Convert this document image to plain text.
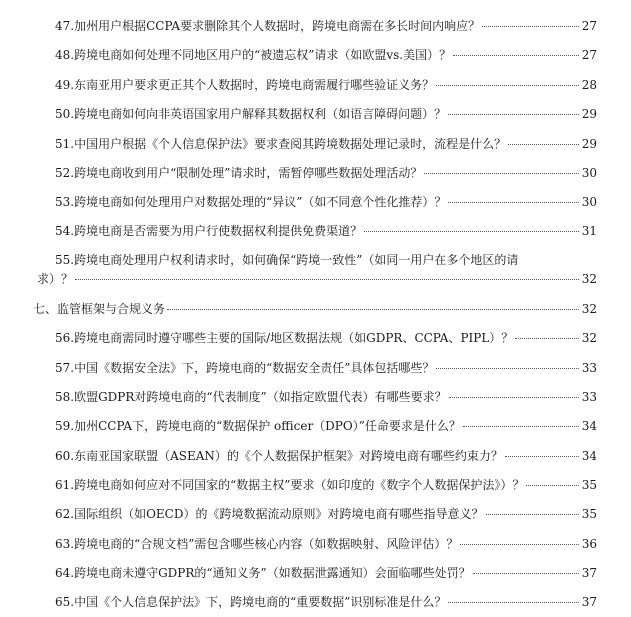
47.加州用户根据CCPA要求删除其个人数据时，跨境电商需在多长时间内响应？	27
48.跨境电商如何处理不同地区用户的“被遗忘权”请求（如欧盟vs.美国）？	27
49.东南亚用户要求更正其个人数据时，跨境电商需履行哪些验证义务？	28
50.跨境电商如何向非英语国家用户解释其数据权利（如语言障碍问题）？	29
51.中国用户根据《个人信息保护法》要求查阅其跨境数据处理记录时，流程是什么？	29
52.跨境电商收到用户“限制处理”请求时，需暂停哪些数据处理活动？	30
53.跨境电商如何处理用户对数据处理的“异议”（如不同意个性化推荐）？	30
54.跨境电商是否需要为用户行使数据权利提供免费渠道？	31
55.跨境电商处理用户权利请求时，如何确保“跨境一致性”（如同一用户在多个地区的请
求）？	32
七、监管框架与合规义务	32
56.跨境电商需同时遵守哪些主要的国际/地区数据法规（如GDPR、CCPA、PIPL）？	32
57.中国《数据安全法》下，跨境电商的“数据安全责任”具体包括哪些？	33
58.欧盟GDPR对跨境电商的“代表制度”（如指定欧盟代表）有哪些要求？	33
59.加州CCPA下，跨境电商的“数据保护 officer（DPO）”任命要求是什么？	34
60.东南亚国家联盟（ASEAN）的《个人数据保护框架》对跨境电商有哪些约束力？	34
61.跨境电商如何应对不同国家的“数据主权”要求（如印度的《数字个人数据保护法》）？	35
62.国际组织（如OECD）的《跨境数据流动原则》对跨境电商有哪些指导意义？	35
63.跨境电商的“合规文档”需包含哪些核心内容（如数据映射、风险评估）？	36
64.跨境电商未遵守GDPR的“通知义务”（如数据泄露通知）会面临哪些处罚？	37
65.中国《个人信息保护法》下，跨境电商的“重要数据”识别标准是什么？	37
